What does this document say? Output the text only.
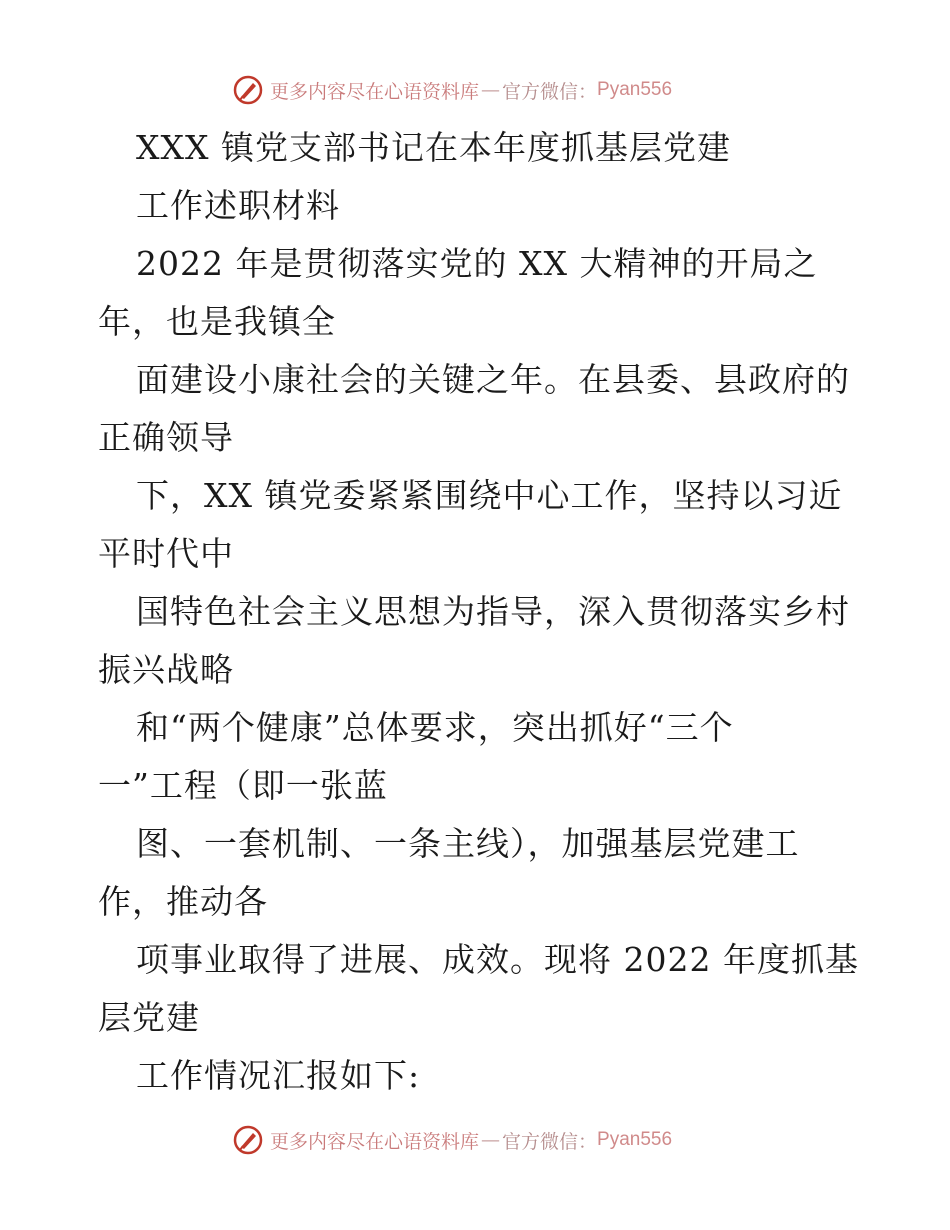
更多内容尽在心语资料库 — 官方微信： Pyan556
XXX 镇党支部书记在本年度抓基层党建
工作述职材料
2022 年是贯彻落实党的 XX 大精神的开局之
年，也是我镇全
面建设小康社会的关键之年。在县委、县政府的
正确领导
下，XX 镇党委紧紧围绕中心工作，坚持以习近
平时代中
国特色社会主义思想为指导，深入贯彻落实乡村
振兴战略
和“两个健康”总体要求，突出抓好“三个
一”工程（即一张蓝
图、一套机制、一条主线），加强基层党建工
作，推动各
项事业取得了进展、成效。现将 2022 年度抓基
层党建
工作情况汇报如下:
更多内容尽在心语资料库 — 官方微信： Pyan556
